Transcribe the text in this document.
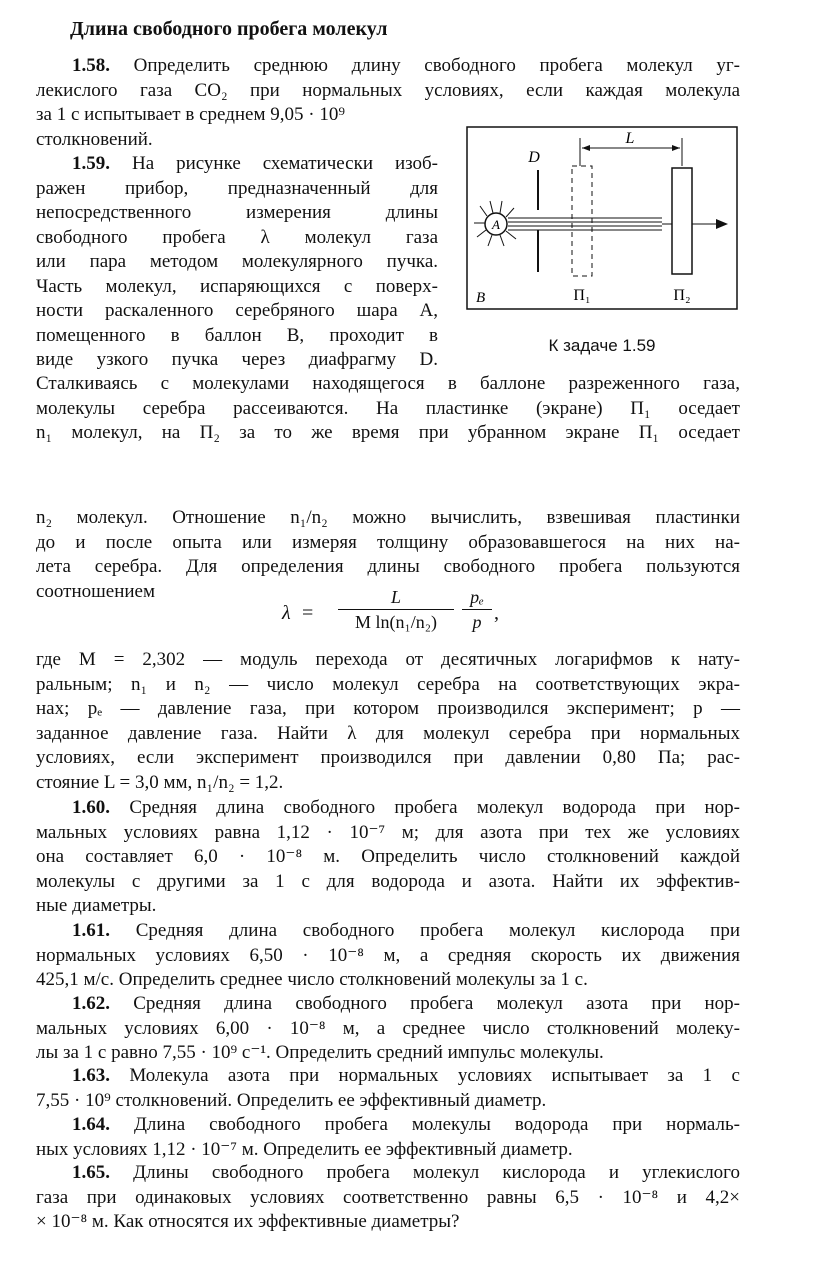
Длина свободного пробега молекул
1.58. Определить среднюю длину свободного пробега молекул уг-
лекислого газа CO₂ при нормальных условиях, если каждая молекула
за 1 с испытывает в среднем 9,05 · 10⁹
столкновений.
1.59. На рисунке схематически изоб-
ражен прибор, предназначенный для
непосредственного измерения длины
свободного пробега λ молекул газа
или пара методом молекулярного пучка.
Часть молекул, испаряющихся с поверх-
ности раскаленного серебряного шара A,
помещенного в баллон B, проходит в
виде узкого пучка через диафрагму D.
L
D
A
B	П₁	П₂
К задаче 1.59
Сталкиваясь с молекулами находящегося в баллоне разреженного газа,
молекулы серебра рассеиваются. На пластинке (экране) П₁ оседает
n₁ молекул, на П₂ за то же время при убранном экране П₁ оседает
n₂ молекул. Отношение n₁/n₂ можно вычислить, взвешивая пластинки
до и после опыта или измеряя толщину образовавшегося на них на-
лета серебра. Для определения длины свободного пробега пользуются
соотношением
λ =
L
M ln(n₁/n₂)
pₑ
p ,
где M = 2,302 — модуль перехода от десятичных логарифмов к нату-
ральным; n₁ и n₂ — число молекул серебра на соответствующих экра-
нах; pₑ — давление газа, при котором производился эксперимент; p —
заданное давление газа. Найти λ для молекул серебра при нормальных
условиях, если эксперимент производился при давлении 0,80 Па; рас-
стояние L = 3,0 мм, n₁/n₂ = 1,2.
1.60. Средняя длина свободного пробега молекул водорода при нор-
мальных условиях равна 1,12 · 10⁻⁷ м; для азота при тех же условиях
она составляет 6,0 · 10⁻⁸ м. Определить число столкновений каждой
молекулы с другими за 1 с для водорода и азота. Найти их эффектив-
ные диаметры.
1.61. Средняя длина свободного пробега молекул кислорода при
нормальных условиях 6,50 · 10⁻⁸ м, а средняя скорость их движения
425,1 м/с. Определить среднее число столкновений молекулы за 1 с.
1.62. Средняя длина свободного пробега молекул азота при нор-
мальных условиях 6,00 · 10⁻⁸ м, а среднее число столкновений молеку-
лы за 1 с равно 7,55 · 10⁹ с⁻¹. Определить средний импульс молекулы.
1.63. Молекула азота при нормальных условиях испытывает за 1 с
7,55 · 10⁹ столкновений. Определить ее эффективный диаметр.
1.64. Длина свободного пробега молекулы водорода при нормаль-
ных условиях 1,12 · 10⁻⁷ м. Определить ее эффективный диаметр.
1.65. Длины свободного пробега молекул кислорода и углекислого
газа при одинаковых условиях соответственно равны 6,5 · 10⁻⁸ и 4,2×
× 10⁻⁸ м. Как относятся их эффективные диаметры?
